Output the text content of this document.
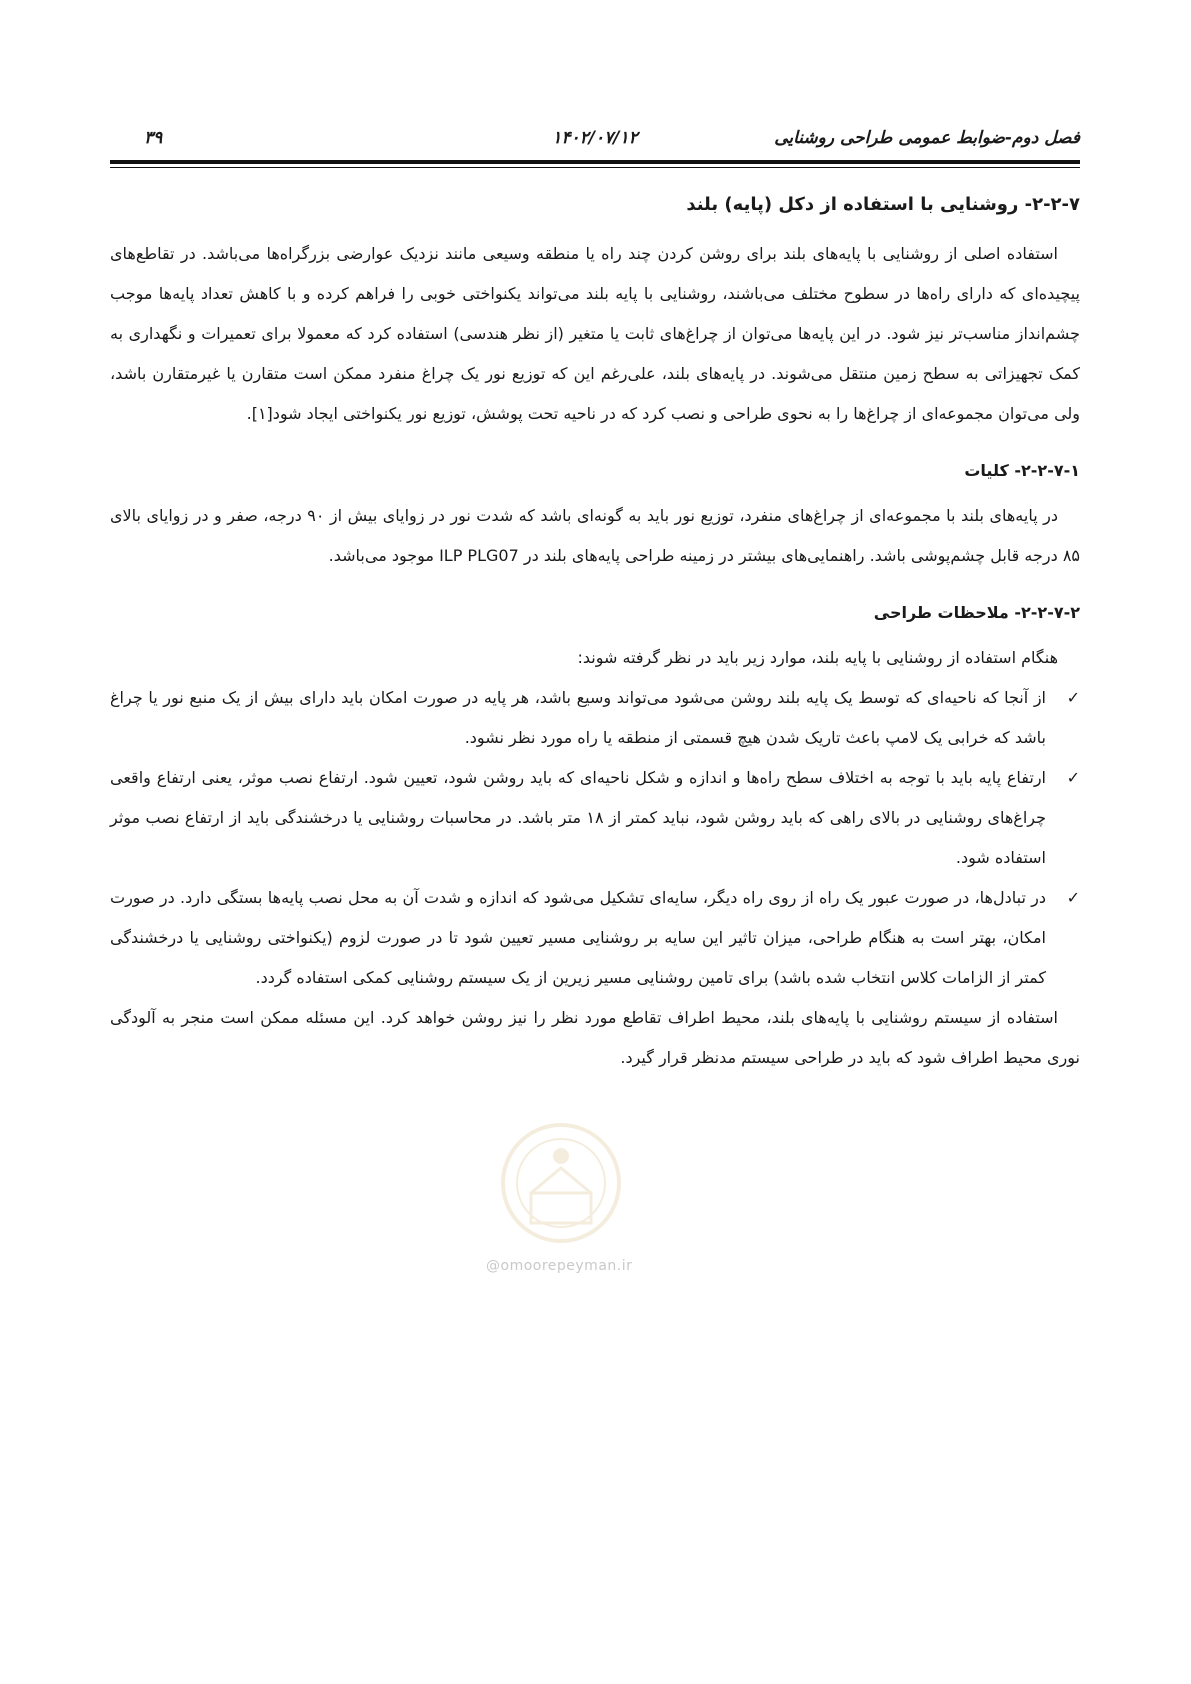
فصل دوم-ضوابط عمومی طراحی روشنایی
۱۴۰۲/۰۷/۱۲
۳۹
۲-۲-۷- روشنایی با استفاده از دکل (پایه) بلند

استفاده اصلی از روشنایی با پایه‌های بلند برای روشن کردن چند راه یا منطقه وسیعی مانند نزدیک عوارضی بزرگراه‌ها می‌باشد. در تقاطع‌های پیچیده‌ای که دارای راه‌ها در سطوح مختلف می‌باشند، روشنایی با پایه بلند می‌تواند یکنواختی خوبی را فراهم کرده و با کاهش تعداد پایه‌ها موجب چشم‌انداز مناسب‌تر نیز شود. در این پایه‌ها می‌توان از چراغ‌های ثابت یا متغیر (از نظر هندسی) استفاده کرد که معمولا برای تعمیرات و نگهداری به کمک تجهیزاتی به سطح زمین منتقل می‌شوند. در پایه‌های بلند، علی‌رغم این که توزیع نور یک چراغ منفرد ممکن است متقارن یا غیرمتقارن باشد، ولی می‌توان مجموعه‌ای از چراغ‌ها را به نحوی طراحی و نصب کرد که در ناحیه تحت پوشش، توزیع نور یکنواختی ایجاد شود[۱].

۲-۲-۷-۱- کلیات

در پایه‌های بلند با مجموعه‌ای از چراغ‌های منفرد، توزیع نور باید به گونه‌ای باشد که شدت نور در زوایای بیش از ۹۰ درجه، صفر و در زوایای بالای ۸۵ درجه قابل چشم‌پوشی باشد. راهنمایی‌های بیشتر در زمینه طراحی پایه‌های بلند در ILP PLG07 موجود می‌باشد.

۲-۲-۷-۲- ملاحظات طراحی
هنگام استفاده از روشنایی با پایه بلند، موارد زیر باید در نظر گرفته شوند:
✓
از آنجا که ناحیه‌ای که توسط یک پایه بلند روشن می‌شود می‌تواند وسیع باشد، هر پایه در صورت امکان باید دارای بیش از یک منبع نور یا چراغ باشد که خرابی یک لامپ باعث تاریک شدن هیچ قسمتی از منطقه یا راه مورد نظر نشود.
✓
ارتفاع پایه باید با توجه به اختلاف سطح راه‌ها و اندازه و شکل ناحیه‌ای که باید روشن شود، تعیین شود. ارتفاع نصب موثر، یعنی ارتفاع واقعی چراغ‌های روشنایی در بالای راهی که باید روشن شود، نباید کمتر از ۱۸ متر باشد. در محاسبات روشنایی یا درخشندگی باید از ارتفاع نصب موثر استفاده شود.
✓
در تبادل‌ها، در صورت عبور یک راه از روی راه دیگر، سایه‌ای تشکیل می‌شود که اندازه و شدت آن به محل نصب پایه‌ها بستگی دارد. در صورت امکان، بهتر است به هنگام طراحی، میزان تاثیر این سایه بر روشنایی مسیر تعیین شود تا در صورت لزوم (یکنواختی روشنایی یا درخشندگی کمتر از الزامات کلاس انتخاب شده باشد) برای تامین روشنایی مسیر زیرین از یک سیستم روشنایی کمکی استفاده گردد.

استفاده از سیستم روشنایی با پایه‌های بلند، محیط اطراف تقاطع مورد نظر را نیز روشن خواهد کرد. این مسئله ممکن است منجر به آلودگی نوری محیط اطراف شود که باید در طراحی سیستم مدنظر قرار گیرد.

@omoorepeyman.ir
